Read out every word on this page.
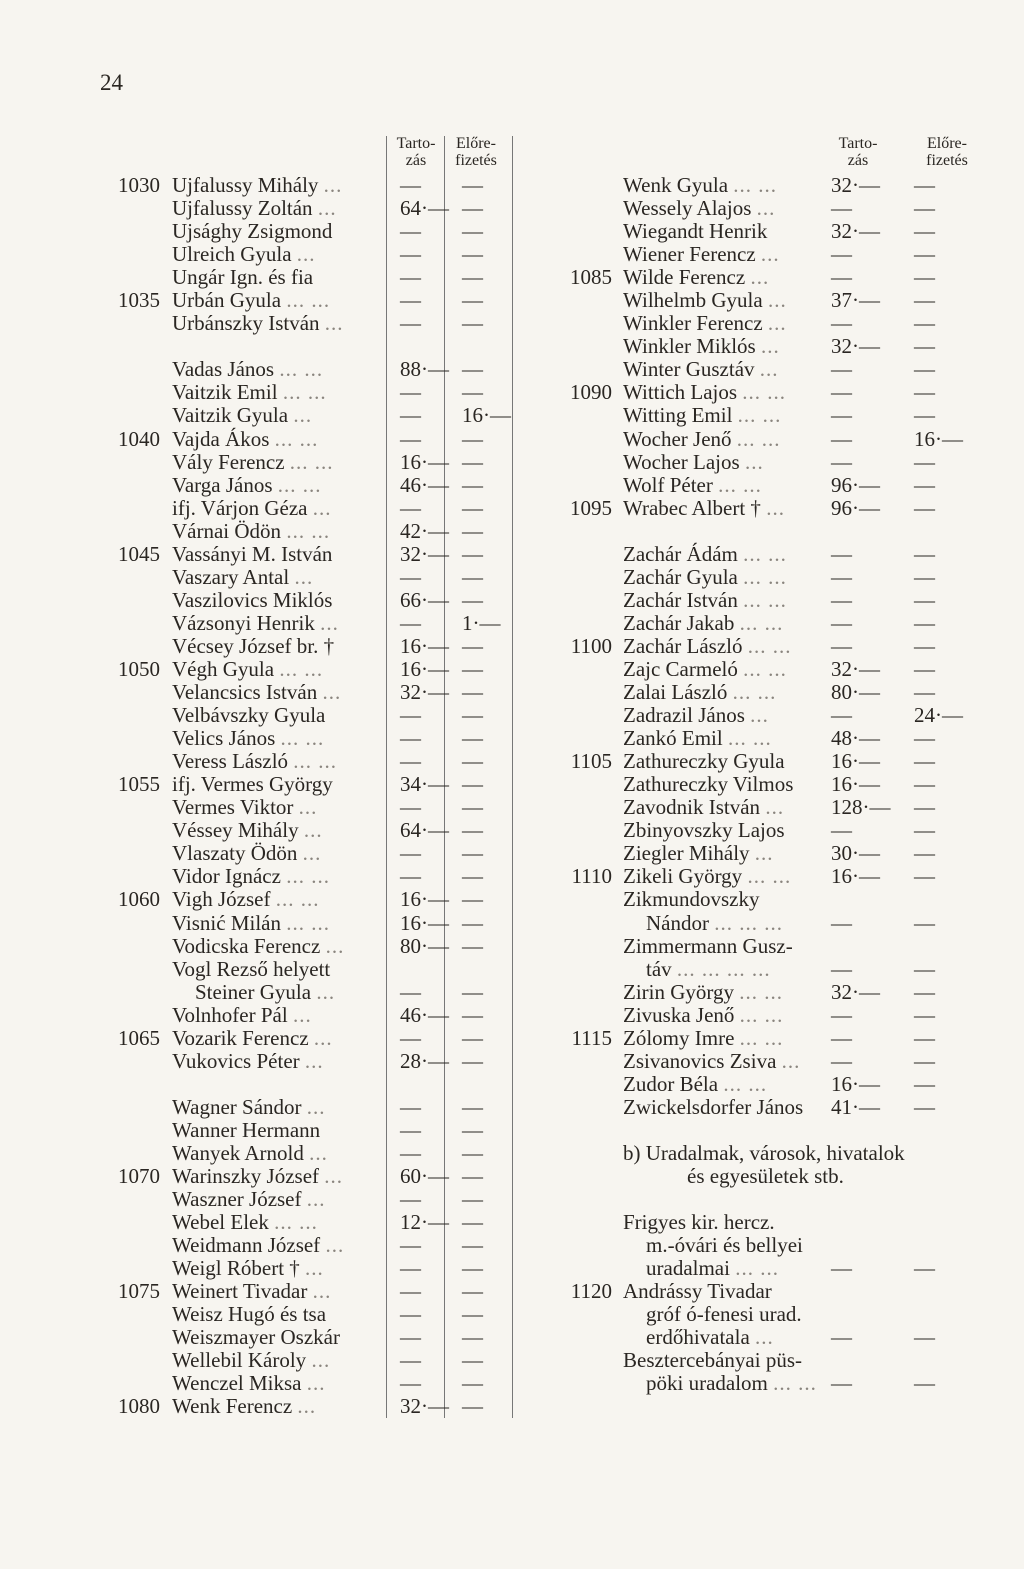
24
Tarto-
zás
Előre-
fizetés
1030 Ujfalussy Mihály ...	— —
Ujfalussy Zoltán ...	64·— —
Ujsághy Zsigmond	— —
Ulreich Gyula ...	— —
Ungár Ign. és fia	— —
1035 Urbán Gyula ... ...	— —
Urbánszky István ...	— —
Vadas János ... ...	88·— —
Vaitzik Emil ... ...	— —
Vaitzik Gyula ...	— 16·—
1040 Vajda Ákos ... ...	— —
Vály Ferencz ... ...	16·— —
Varga János ... ...	46·— —
ifj. Várjon Géza ...	— —
Várnai Ödön ... ...	42·— —
1045 Vassányi M. István	32·— —
Vaszary Antal ...	— —
Vaszilovics Miklós	66·— —
Vázsonyi Henrik ...	— 1·—
Vécsey József br. †	16·— —
1050 Végh Gyula ... ...	16·— —
Velancsics István ...	32·— —
Velbávszky Gyula	— —
Velics János ... ...	— —
Veress László ... ...	— —
1055 ifj. Vermes György	34·— —
Vermes Viktor ...	— —
Véssey Mihály ...	64·— —
Vlaszaty Ödön ...	— —
Vidor Ignácz ... ...	— —
1060 Vigh József ... ...	16·— —
Visnić Milán ... ...	16·— —
Vodicska Ferencz ...	80·— —
Vogl Rezső helyett
Steiner Gyula ...	— —
Volnhofer Pál ...	46·— —
1065 Vozarik Ferencz ...	— —
Vukovics Péter ...	28·— —
Wagner Sándor ...	— —
Wanner Hermann	— —
Wanyek Arnold ...	— —
1070 Warinszky József ...	60·— —
Waszner József ...	— —
Webel Elek ... ...	12·— —
Weidmann József ...	— —
Weigl Róbert † ...	— —
1075 Weinert Tivadar ...	— —
Weisz Hugó és tsa	— —
Weiszmayer Oszkár	— —
Wellebil Károly ...	— —
Wenczel Miksa ...	— —
1080 Wenk Ferencz ...	32·— —
Tarto-
zás
Előre-
fizetés
Wenk Gyula ... ...	32·— —
Wessely Alajos ...	—	—
Wiegandt Henrik	32·— —
Wiener Ferencz ... —	—
1085 Wilde Ferencz ...	—	—
Wilhelmb Gyula ... 37·— —
Winkler Ferencz ... —	—
Winkler Miklós ... 32·— —
Winter Gusztáv ... —	—
1090 Wittich Lajos ... ... —	—
Witting Emil ... ... —	—
Wocher Jenő ... ... —	16·—
Wocher Lajos ...	—	—
Wolf Péter ... ...	96·— —
1095 Wrabec Albert † ... 96·— —
Zachár Ádám ... ... —	—
Zachár Gyula ... ... —	—
Zachár István ... ... —	—
Zachár Jakab ... ... —	—
1100 Zachár László ... ... —	—
Zajc Carmeló ... ... 32·— —
Zalai László ... ...	80·— —
Zadrazil János ...	—	24·—
Zankó Emil ... ...	48·— —
1105 Zathureczky Gyula 16·— —
Zathureczky Vilmos 16·— —
Zavodnik István ... 128·— —
Zbinyovszky Lajos —	—
Ziegler Mihály ...	30·— —
1110 Zikeli György ... ... 16·— —
Zikmundovszky
Nándor ... ... ... —	—
Zimmermann Gusz-
táv ... ... ... ...	—	—
Zirin György ... ... 32·— —
Zivuska Jenő ... ... —	—
1115 Zólomy Imre ... ... —	—
Zsivanovics Zsiva ... —	—
Zudor Béla ... ...	16·— —
Zwickelsdorfer János 41·— —
b) Uradalmak, városok, hivatalok
és egyesületek stb.
Frigyes kir. hercz.
m.-óvári és bellyei
uradalmai ... ... —	—
1120 Andrássy Tivadar
gróf ó-fenesi urad.
erdőhivatala ...	—	—
Besztercebányai püs-
pöki uradalom ... ... —	—
